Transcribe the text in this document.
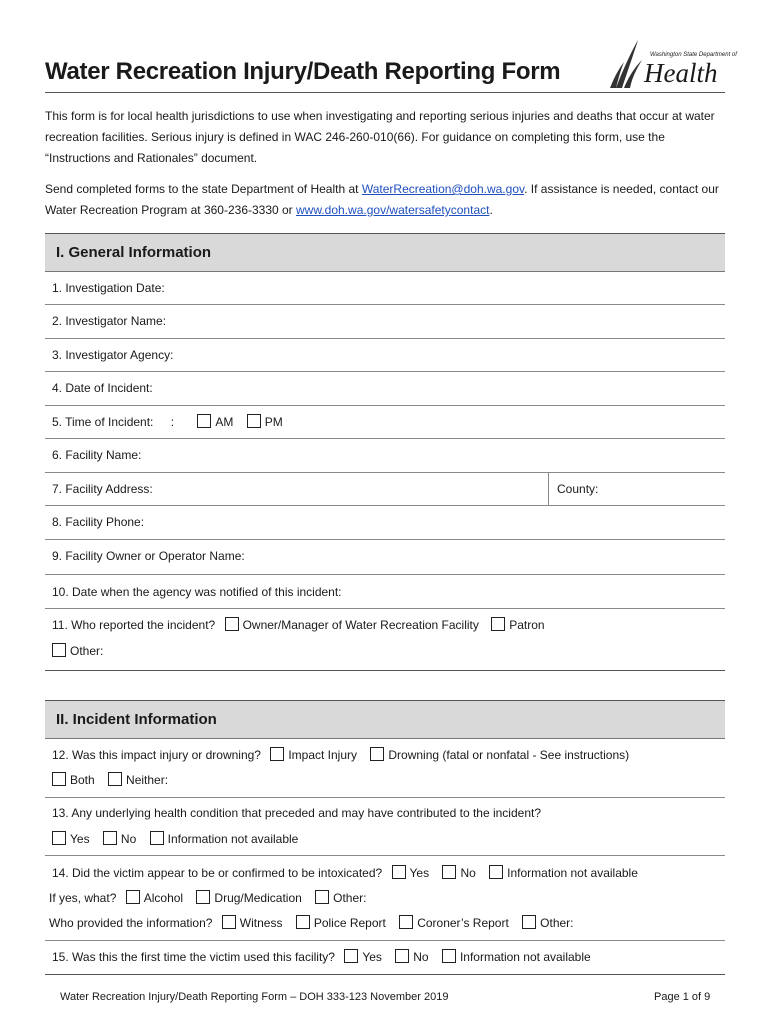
Water Recreation Injury/Death Reporting Form
Washington State Department of
Health
This form is for local health jurisdictions to use when investigating and reporting serious injuries and deaths that occur at water recreation facilities. Serious injury is defined in WAC 246-260-010(66). For guidance on completing this form, use the “Instructions and Rationales” document.
Send completed forms to the state Department of Health at WaterRecreation@doh.wa.gov. If assistance is needed, contact our Water Recreation Program at 360-236-3330 or www.doh.wa.gov/watersafetycontact.
I. General Information
1. Investigation Date:
2. Investigator Name:
3. Investigator Agency:
4. Date of Incident:
5. Time of Incident: :	AM	PM
6. Facility Name:
7. Facility Address:	County:
8. Facility Phone:
9. Facility Owner or Operator Name:
10. Date when the agency was notified of this incident:
11. Who reported the incident? Owner/Manager of Water Recreation Facility	Patron
Other:
II. Incident Information
12. Was this impact injury or drowning? Impact Injury	Drowning (fatal or nonfatal - See instructions)
Both	Neither:
13. Any underlying health condition that preceded and may have contributed to the incident?
Yes	No	Information not available
14. Did the victim appear to be or confirmed to be intoxicated? Yes	No	Information not available
If yes, what? Alcohol	Drug/Medication	Other:
Who provided the information? Witness	Police Report	Coroner’s Report	Other:
15. Was this the first time the victim used this facility? Yes	No	Information not available
Water Recreation Injury/Death Reporting Form – DOH 333-123 November 2019	Page 1 of 9
